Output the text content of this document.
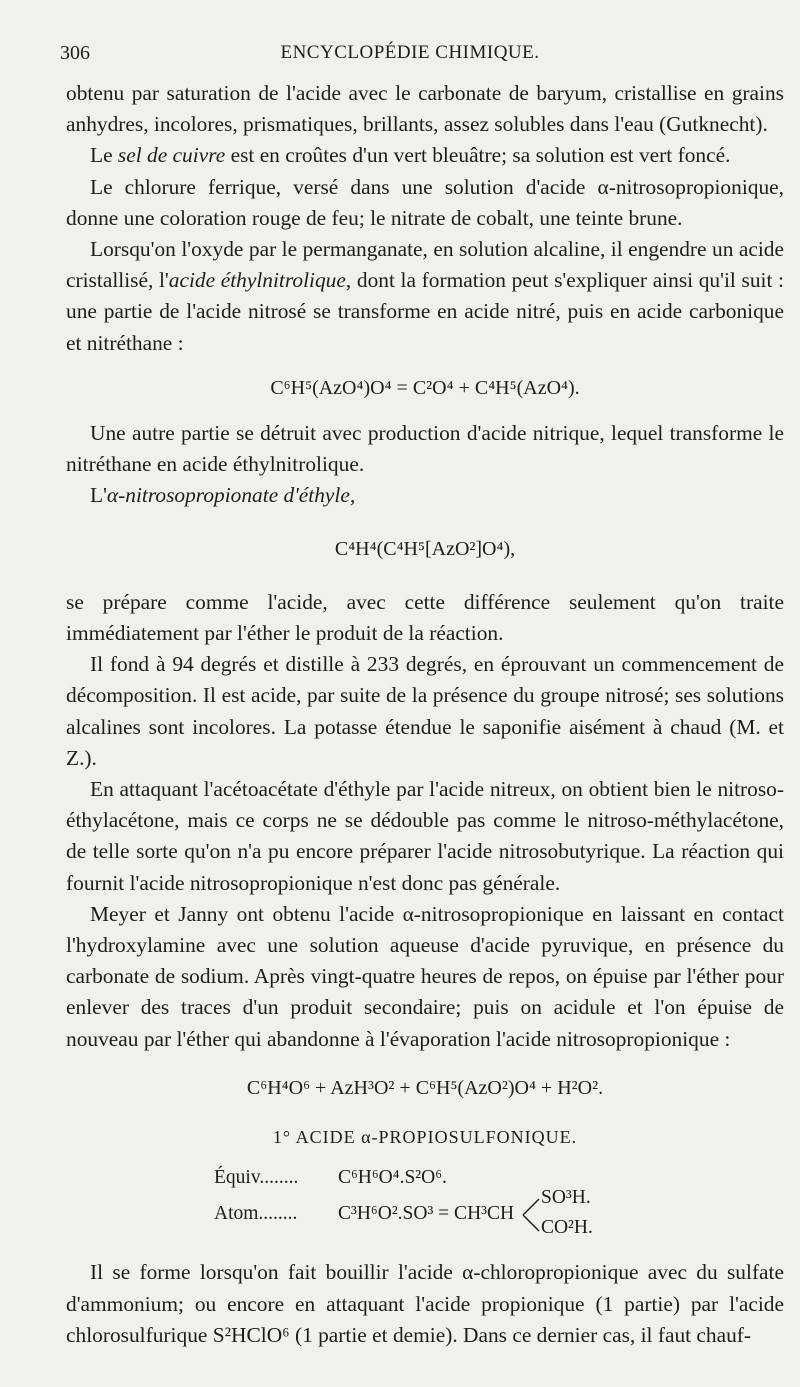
306	ENCYCLOPÉDIE CHIMIQUE.

obtenu par saturation de l'acide avec le carbonate de baryum, cristallise en grains anhydres, incolores, prismatiques, brillants, assez solubles dans l'eau (Gutknecht).

Le sel de cuivre est en croûtes d'un vert bleuâtre; sa solution est vert foncé.

Le chlorure ferrique, versé dans une solution d'acide α-nitrosopropionique, donne une coloration rouge de feu; le nitrate de cobalt, une teinte brune.

Lorsqu'on l'oxyde par le permanganate, en solution alcaline, il engendre un acide cristallisé, l'acide éthylnitrolique, dont la formation peut s'expliquer ainsi qu'il suit : une partie de l'acide nitrosé se transforme en acide nitré, puis en acide carbonique et nitréthane :

C⁶H⁵(AzO⁴)O⁴ = C²O⁴ + C⁴H⁵(AzO⁴).

Une autre partie se détruit avec production d'acide nitrique, lequel transforme le nitréthane en acide éthylnitrolique.

L'α-nitrosopropionate d'éthyle,

C⁴H⁴(C⁴H⁵[AzO²]O⁴),

se prépare comme l'acide, avec cette différence seulement qu'on traite immédiatement par l'éther le produit de la réaction.

Il fond à 94 degrés et distille à 233 degrés, en éprouvant un commencement de décomposition. Il est acide, par suite de la présence du groupe nitrosé; ses solutions alcalines sont incolores. La potasse étendue le saponifie aisément à chaud (M. et Z.).

En attaquant l'acétoacétate d'éthyle par l'acide nitreux, on obtient bien le nitroso-éthylacétone, mais ce corps ne se dédouble pas comme le nitroso-méthylacétone, de telle sorte qu'on n'a pu encore préparer l'acide nitrosobutyrique. La réaction qui fournit l'acide nitrosopropionique n'est donc pas générale.

Meyer et Janny ont obtenu l'acide α-nitrosopropionique en laissant en contact l'hydroxylamine avec une solution aqueuse d'acide pyruvique, en présence du carbonate de sodium. Après vingt-quatre heures de repos, on épuise par l'éther pour enlever des traces d'un produit secondaire; puis on acidule et l'on épuise de nouveau par l'éther qui abandonne à l'évaporation l'acide nitrosopropionique :

C⁶H⁴O⁶ + AzH³O² + C⁶H⁵(AzO²)O⁴ + H²O².
1° ACIDE α-PROPIOSULFONIQUE.
Équiv........ C⁶H⁶O⁴.S²O⁶.
Atom........ C³H⁶O².SO³ = CH³CH
SO³H.
CO²H.

Il se forme lorsqu'on fait bouillir l'acide α-chloropropionique avec du sulfate d'ammonium; ou encore en attaquant l'acide propionique (1 partie) par l'acide chlorosulfurique S²HClO⁶ (1 partie et demie). Dans ce dernier cas, il faut chauf-
